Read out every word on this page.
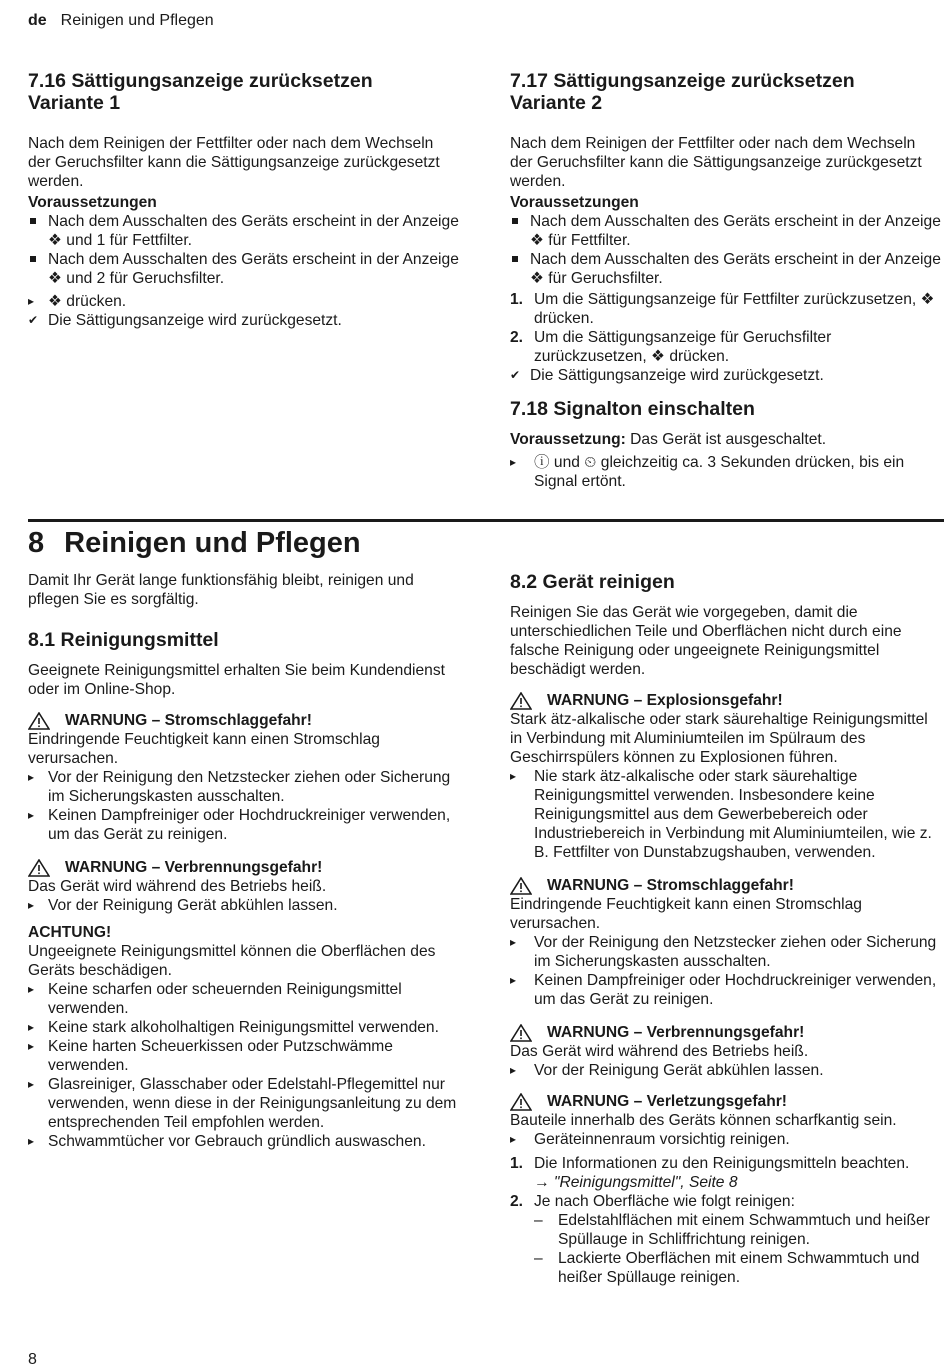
de Reinigen und Pflegen
7.16 Sättigungsanzeige zurücksetzen
Variante 1

Nach dem Reinigen der Fettfilter oder nach dem Wechseln der Geruchsfilter kann die Sättigungsanzeige zurückgesetzt werden.

Voraussetzungen

Nach dem Ausschalten des Geräts erscheint in der Anzeige ❖ und 1 für Fettfilter.
Nach dem Ausschalten des Geräts erscheint in der Anzeige ❖ und 2 für Geruchsfilter.
▸ ❖ drücken.
✔ Die Sättigungsanzeige wird zurückgesetzt.
7.17 Sättigungsanzeige zurücksetzen
Variante 2

Nach dem Reinigen der Fettfilter oder nach dem Wechseln der Geruchsfilter kann die Sättigungsanzeige zurückgesetzt werden.

Voraussetzungen

Nach dem Ausschalten des Geräts erscheint in der Anzeige ❖ für Fettfilter.
Nach dem Ausschalten des Geräts erscheint in der Anzeige ❖ für Geruchsfilter.
1. Um die Sättigungsanzeige für Fettfilter zurückzusetzen, ❖ drücken.
2. Um die Sättigungsanzeige für Geruchsfilter zurückzusetzen, ❖ drücken.
✔ Die Sättigungsanzeige wird zurückgesetzt.
7.18 Signalton einschalten

Voraussetzung: Das Gerät ist ausgeschaltet.

▸ ⓘ und ⏲ gleichzeitig ca. 3 Sekunden drücken, bis ein Signal ertönt.
8 Reinigen und Pflegen

Damit Ihr Gerät lange funktionsfähig bleibt, reinigen und pflegen Sie es sorgfältig.

8.1 Reinigungsmittel

Geeignete Reinigungsmittel erhalten Sie beim Kundendienst oder im Online-Shop.

WARNUNG – Stromschlaggefahr!

Eindringende Feuchtigkeit kann einen Stromschlag verursachen.

▸ Vor der Reinigung den Netzstecker ziehen oder Sicherung im Sicherungskasten ausschalten.
▸ Keinen Dampfreiniger oder Hochdruckreiniger verwenden, um das Gerät zu reinigen.
WARNUNG – Verbrennungsgefahr!

Das Gerät wird während des Betriebs heiß.

▸ Vor der Reinigung Gerät abkühlen lassen.

ACHTUNG!

Ungeeignete Reinigungsmittel können die Oberflächen des Geräts beschädigen.

▸ Keine scharfen oder scheuernden Reinigungsmittel verwenden.
▸ Keine stark alkoholhaltigen Reinigungsmittel verwenden.
▸ Keine harten Scheuerkissen oder Putzschwämme verwenden.
▸ Glasreiniger, Glasschaber oder Edelstahl-Pflegemittel nur verwenden, wenn diese in der Reinigungsanleitung zu dem entsprechenden Teil empfohlen werden.
▸ Schwammtücher vor Gebrauch gründlich auswaschen.
8.2 Gerät reinigen

Reinigen Sie das Gerät wie vorgegeben, damit die unterschiedlichen Teile und Oberflächen nicht durch eine falsche Reinigung oder ungeeignete Reinigungsmittel beschädigt werden.

WARNUNG – Explosionsgefahr!

Stark ätz-alkalische oder stark säurehaltige Reinigungsmittel in Verbindung mit Aluminiumteilen im Spülraum des Geschirrspülers können zu Explosionen führen.

▸ Nie stark ätz-alkalische oder stark säurehaltige Reinigungsmittel verwenden. Insbesondere keine Reinigungsmittel aus dem Gewerbebereich oder Industriebereich in Verbindung mit Aluminiumteilen, wie z. B. Fettfilter von Dunstabzugshauben, verwenden.
WARNUNG – Stromschlaggefahr!

Eindringende Feuchtigkeit kann einen Stromschlag verursachen.

▸ Vor der Reinigung den Netzstecker ziehen oder Sicherung im Sicherungskasten ausschalten.
▸ Keinen Dampfreiniger oder Hochdruckreiniger verwenden, um das Gerät zu reinigen.
WARNUNG – Verbrennungsgefahr!

Das Gerät wird während des Betriebs heiß.

▸ Vor der Reinigung Gerät abkühlen lassen.
WARNUNG – Verletzungsgefahr!

Bauteile innerhalb des Geräts können scharfkantig sein.

▸ Geräteinnenraum vorsichtig reinigen.
1. Die Informationen zu den Reinigungsmitteln beachten.

→ "Reinigungsmittel", Seite 8

2. Je nach Oberfläche wie folgt reinigen:
– Edelstahlflächen mit einem Schwammtuch und heißer Spüllauge in Schliffrichtung reinigen.
– Lackierte Oberflächen mit einem Schwammtuch und heißer Spüllauge reinigen.
8
